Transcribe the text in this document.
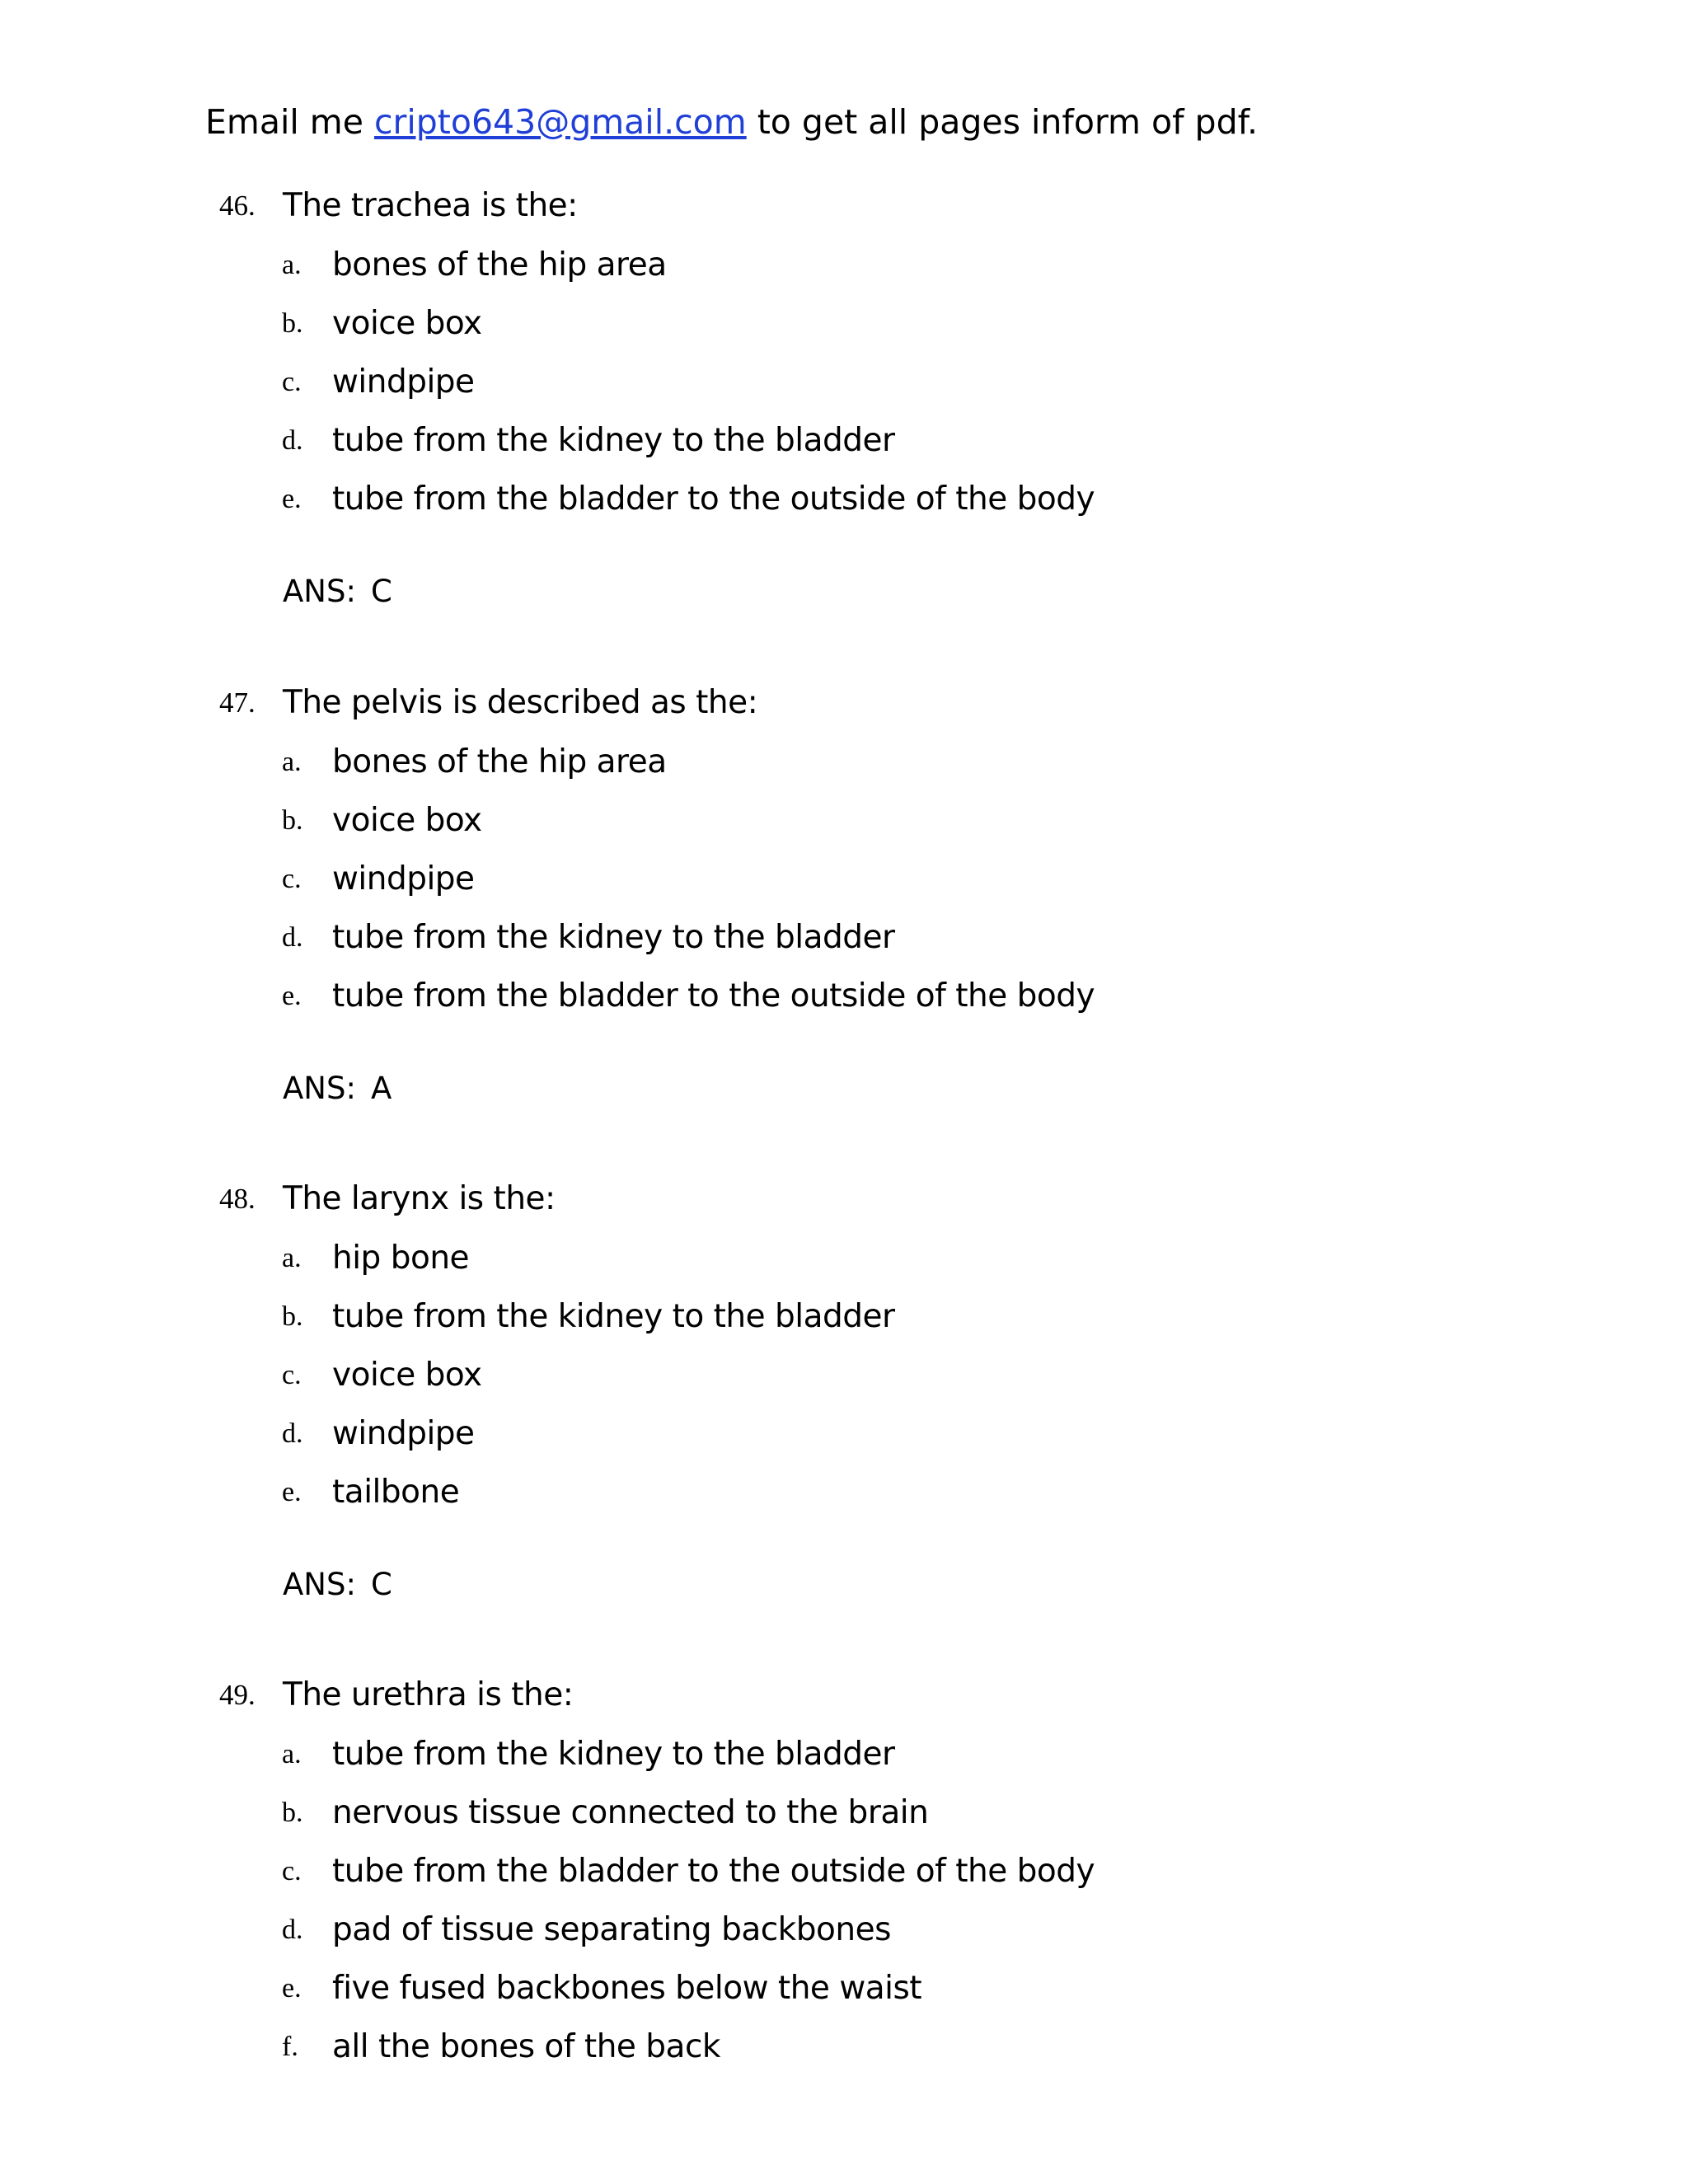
Email me cripto643@gmail.com to get all pages inform of pdf.
46. The trachea is the:
a. bones of the hip area
b. voice box
c. windpipe
d. tube from the kidney to the bladder
e. tube from the bladder to the outside of the body
ANS: C
47. The pelvis is described as the:
a. bones of the hip area
b. voice box
c. windpipe
d. tube from the kidney to the bladder
e. tube from the bladder to the outside of the body
ANS: A
48. The larynx is the:
a. hip bone
b. tube from the kidney to the bladder
c. voice box
d. windpipe
e. tailbone
ANS: C
49. The urethra is the:
a. tube from the kidney to the bladder
b. nervous tissue connected to the brain
c. tube from the bladder to the outside of the body
d. pad of tissue separating backbones
e. five fused backbones below the waist
f. all the bones of the back
